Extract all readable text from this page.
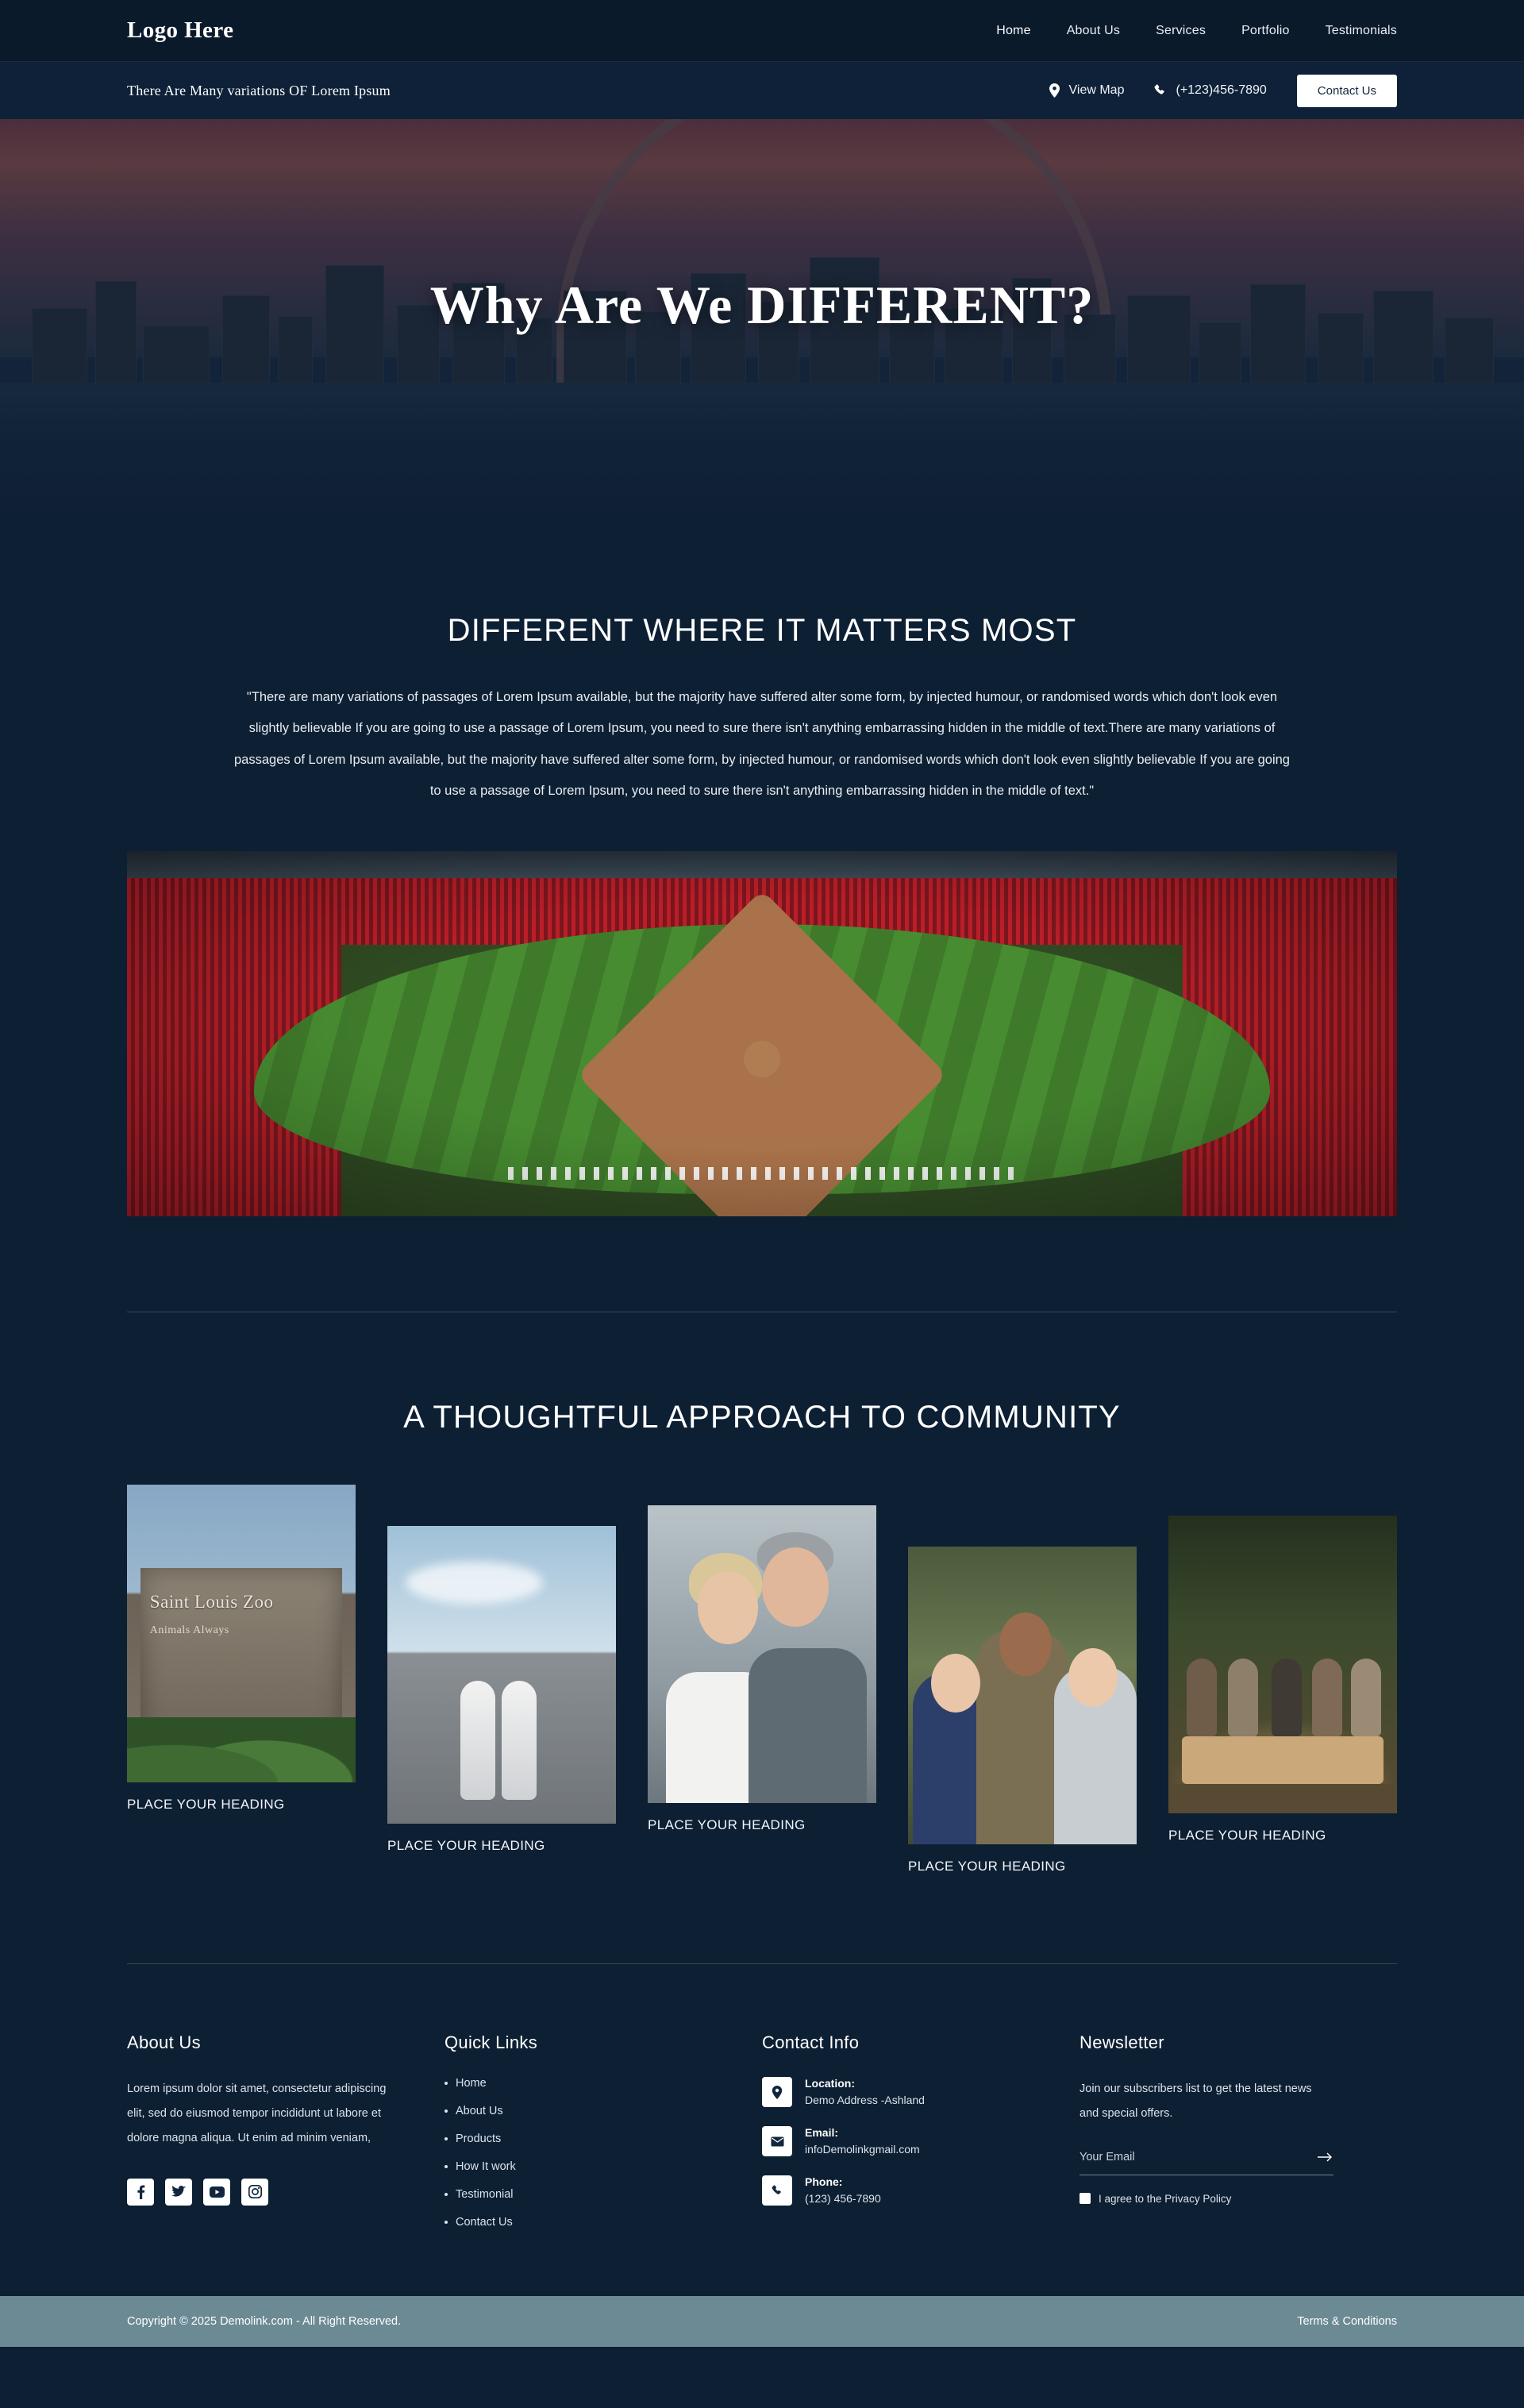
Logo Here	Home	About Us	Services	Portfolio	Testimonials
There Are Many variations OF Lorem Ipsum	View Map	(+123)456-7890	Contact Us
Why Are We DIFFERENT?
DIFFERENT WHERE IT MATTERS MOST

"There are many variations of passages of Lorem Ipsum available, but the majority have suffered alter some form, by injected humour, or randomised words which don't look even slightly believable If you are going to use a passage of Lorem Ipsum, you need to sure there isn't anything embarrassing hidden in the middle of text.There are many variations of passages of Lorem Ipsum available, but the majority have suffered alter some form, by injected humour, or randomised words which don't look even slightly believable If you are going to use a passage of Lorem Ipsum, you need to sure there isn't anything embarrassing hidden in the middle of text."

A THOUGHTFUL APPROACH TO COMMUNITY
Saint Louis Zoo
Animals Always
PLACE YOUR HEADING
PLACE YOUR HEADING
PLACE YOUR HEADING
PLACE YOUR HEADING
PLACE YOUR HEADING
About Us

Lorem ipsum dolor sit amet, consectetur adipiscing elit, sed do eiusmod tempor incididunt ut labore et dolore magna aliqua. Ut enim ad minim veniam,

Quick Links
Home
About Us
Products
How It work
Testimonial
Contact Us
Contact Info
Location:
Demo Address -Ashland
Email:
infoDemolinkgmail.com
Phone:
(123) 456-7890
Newsletter

Join our subscribers list to get the latest news and special offers.

Your Email
I agree to the Privacy Policy
Copyright © 2025 Demolink.com - All Right Reserved.	Terms & Conditions
